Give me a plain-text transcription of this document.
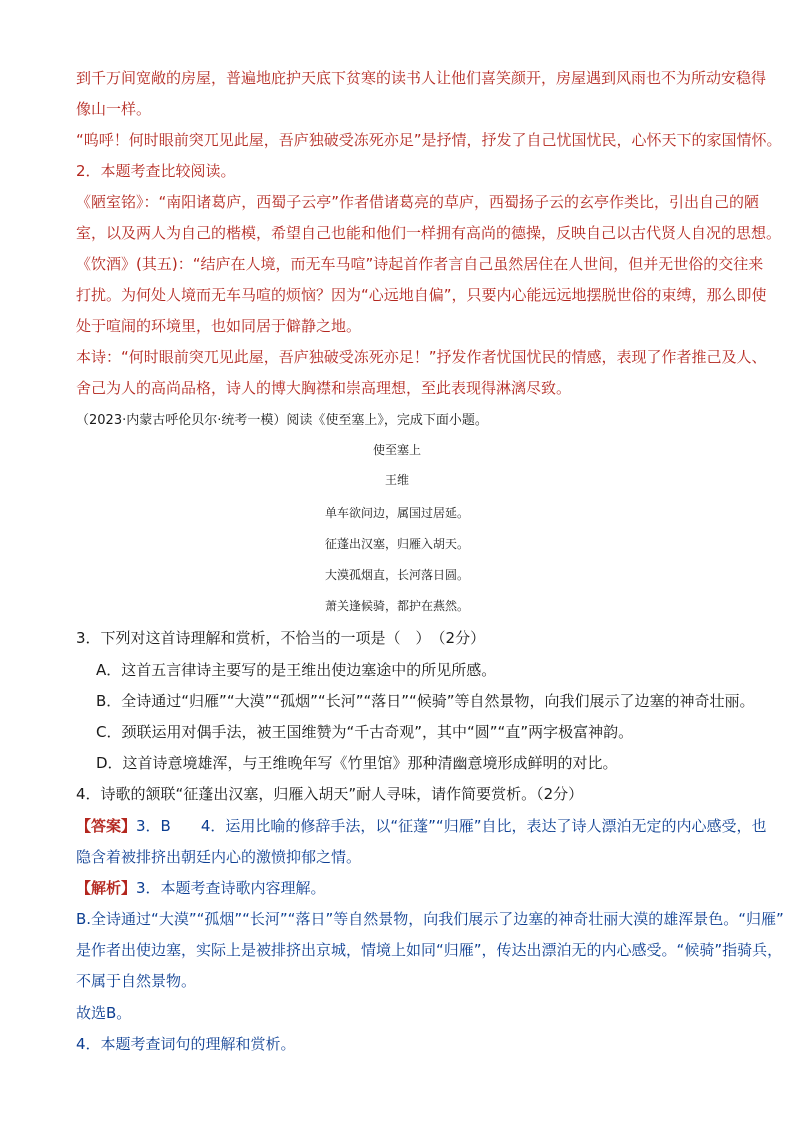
到千万间宽敞的房屋，普遍地庇护天底下贫寒的读书人让他们喜笑颜开，房屋遇到风雨也不为所动安稳得
像山一样。
“呜呼！何时眼前突兀见此屋，吾庐独破受冻死亦足”是抒情，抒发了自己忧国忧民，心怀天下的家国情怀。
2．本题考查比较阅读。
《陋室铭》：“南阳诸葛庐，西蜀子云亭”作者借诸葛亮的草庐，西蜀扬子云的玄亭作类比，引出自己的陋
室，以及两人为自己的楷模，希望自己也能和他们一样拥有高尚的德操，反映自己以古代贤人自况的思想。
《饮酒》(其五)：“结庐在人境，而无车马喧”诗起首作者言自己虽然居住在人世间，但并无世俗的交往来
打扰。为何处人境而无车马喧的烦恼？因为“心远地自偏”，只要内心能远远地摆脱世俗的束缚，那么即使
处于喧闹的环境里，也如同居于僻静之地。
本诗：“何时眼前突兀见此屋，吾庐独破受冻死亦足！”抒发作者忧国忧民的情感，表现了作者推己及人、
舍己为人的高尚品格，诗人的博大胸襟和崇高理想，至此表现得淋漓尽致。
（2023·内蒙古呼伦贝尔·统考一模）阅读《使至塞上》，完成下面小题。
使至塞上
王维
单车欲问边，属国过居延。
征蓬出汉塞，归雁入胡天。
大漠孤烟直，长河落日圆。
萧关逢候骑，都护在燕然。
3．下列对这首诗理解和赏析，不恰当的一项是（　）　（2分）
A．这首五言律诗主要写的是王维出使边塞途中的所见所感。
B．全诗通过“归雁”“大漠”“孤烟”“长河”“落日”“候骑”等自然景物，向我们展示了边塞的神奇壮丽。
C．颈联运用对偶手法，被王国维赞为“千古奇观”，其中“圆”“直”两字极富神韵。
D．这首诗意境雄浑，与王维晚年写《竹里馆》那种清幽意境形成鲜明的对比。
4．诗歌的颔联“征蓬出汉塞，归雁入胡天”耐人寻味，请作简要赏析。（2分）
【答案】3．B　　4．运用比喻的修辞手法，以“征蓬”“归雁”自比，表达了诗人漂泊无定的内心感受，也
隐含着被排挤出朝廷内心的激愤抑郁之情。
【解析】3．本题考查诗歌内容理解。
B.全诗通过“大漠”“孤烟”“长河”“落日”等自然景物，向我们展示了边塞的神奇壮丽大漠的雄浑景色。“归雁”
是作者出使边塞，实际上是被排挤出京城，情境上如同“归雁”，传达出漂泊无的内心感受。“候骑”指骑兵，
不属于自然景物。
故选B。
4．本题考查词句的理解和赏析。
